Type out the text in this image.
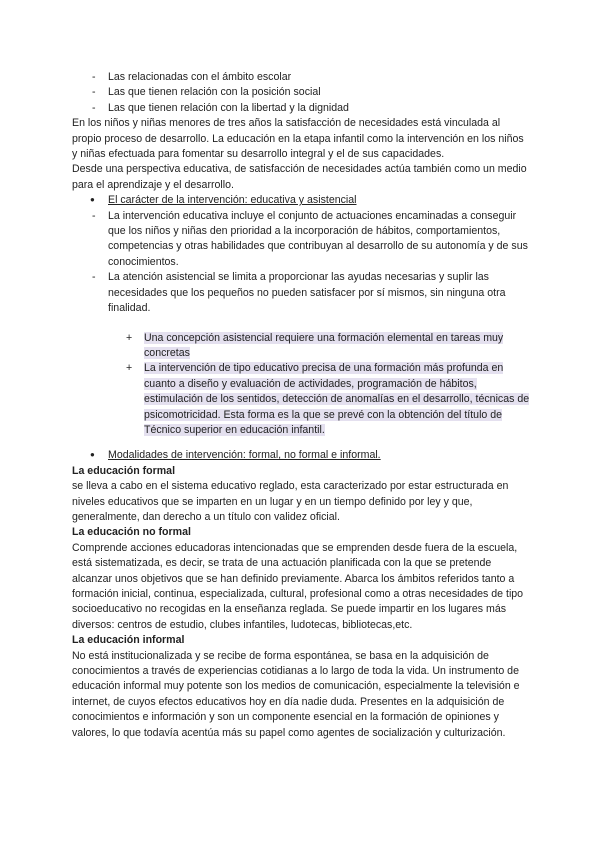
- Las relacionadas con el ámbito escolar
- Las que tienen relación con la posición social
- Las que tienen relación con la libertad y la dignidad

En los niños y niñas menores de tres años la satisfacción de necesidades está vinculada al propio proceso de desarrollo. La educación en la etapa infantil como la intervención en los niños y niñas efectuada para fomentar su desarrollo integral y el de sus capacidades.

Desde una perspectiva educativa, de satisfacción de necesidades actúa también como un medio para el aprendizaje y el desarrollo.

● El carácter de la intervención: educativa y asistencial
- La intervención educativa incluye el conjunto de actuaciones encaminadas a conseguir que los niños y niñas den prioridad a la incorporación de hábitos, comportamientos, competencias y otras habilidades que contribuyan al desarrollo de su autonomía y de sus conocimientos.
- La atención asistencial se limita a proporcionar las ayudas necesarias y suplir las necesidades que los pequeños no pueden satisfacer por sí mismos, sin ninguna otra finalidad.
+ Una concepción asistencial requiere una formación elemental en tareas muy concretas
+ La intervención de tipo educativo precisa de una formación más profunda en cuanto a diseño y evaluación de actividades, programación de hábitos, estimulación de los sentidos, detección de anomalías en el desarrollo, técnicas de psicomotricidad. Esta forma es la que se prevé con la obtención del título de Técnico superior en educación infantil.
● Modalidades de intervención: formal, no formal e informal.

La educación formal

se lleva a cabo en el sistema educativo reglado, esta caracterizado por estar estructurada en niveles educativos que se imparten en un lugar y en un tiempo definido por ley y que, generalmente, dan derecho a un título con validez oficial.

La educación no formal

Comprende acciones educadoras intencionadas que se emprenden desde fuera de la escuela, está sistematizada, es decir, se trata de una actuación planificada con la que se pretende alcanzar unos objetivos que se han definido previamente. Abarca los ámbitos referidos tanto a formación inicial, continua, especializada, cultural, profesional como a otras necesidades de tipo socioeducativo no recogidas en la enseñanza reglada. Se puede impartir en los lugares más diversos: centros de estudio, clubes infantiles, ludotecas, bibliotecas,etc.

La educación informal

No está institucionalizada y se recibe de forma espontánea, se basa en la adquisición de conocimientos a través de experiencias cotidianas a lo largo de toda la vida. Un instrumento de educación informal muy potente son los medios de comunicación, especialmente la televisión e internet, de cuyos efectos educativos hoy en día nadie duda. Presentes en la adquisición de conocimientos e información y son un componente esencial en la formación de opiniones y valores, lo que todavía acentúa más su papel como agentes de socialización y culturización.
